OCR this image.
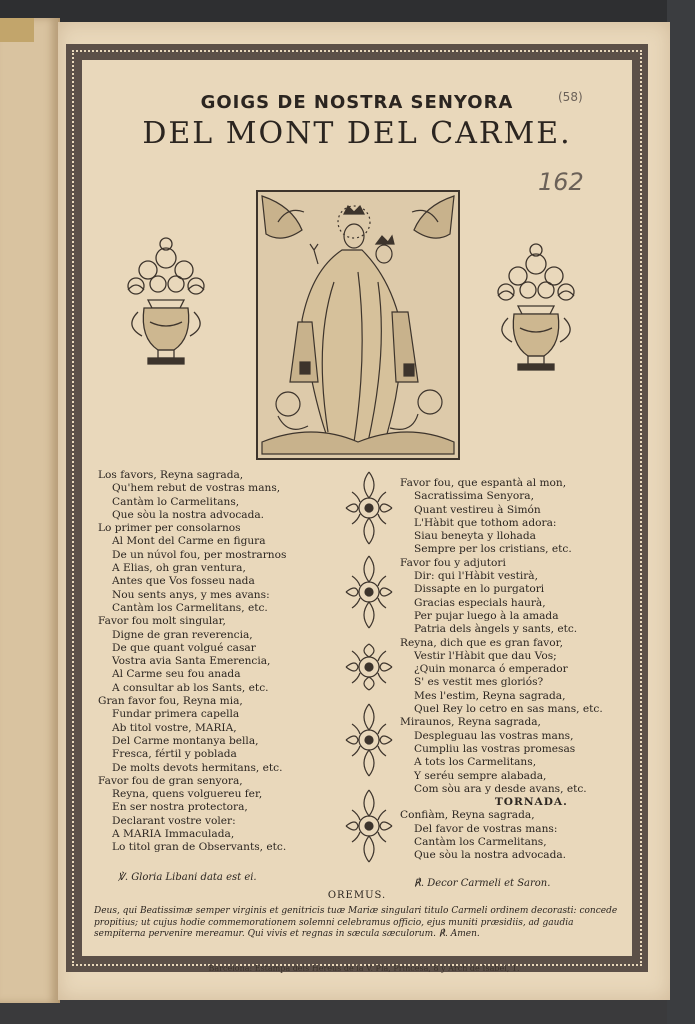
GOIGS DE NOSTRA SENYORA
DEL MONT DEL CARME.
(58)
162
Los favors, Reyna sagrada,
Qu'hem rebut de vostras mans,
Cantàm lo Carmelitans,
Que sòu la nostra advocada.
Lo primer per consolarnos
Al Mont del Carme en figura
De un núvol fou, per mostrarnos
A Elias, oh gran ventura,
Antes que Vos fosseu nada
Nou sents anys, y mes avans:
Cantàm los Carmelitans, etc.
Favor fou molt singular,
Digne de gran reverencia,
De que quant volgué casar
Vostra avia Santa Emerencia,
Al Carme seu fou anada
A consultar ab los Sants, etc.
Gran favor fou, Reyna mia,
Fundar primera capella
Ab titol vostre, MARIA,
Del Carme montanya bella,
Fresca, fértil y poblada
De molts devots hermitans, etc.
Favor fou de gran senyora,
Reyna, quens volguereu fer,
En ser nostra protectora,
Declarant vostre voler:
A MARIA Immaculada,
Lo titol gran de Observants, etc.
Favor fou, que espantà al mon,
Sacratissima Senyora,
Quant vestireu à Simón
L'Hàbit que tothom adora:
Siau beneyta y llohada
Sempre per los cristians, etc.
Favor fou y adjutori
Dir: qui l'Hàbit vestirà,
Dissapte en lo purgatori
Gracias especials haurà,
Per pujar luego à la amada
Patria dels àngels y sants, etc.
Reyna, dich que es gran favor,
Vestir l'Hàbit que dau Vos;
¿Quin monarca ó emperador
S' es vestit mes gloriós?
Mes l'estim, Reyna sagrada,
Quel Rey lo cetro en sas mans, etc.
Miraunos, Reyna sagrada,
Despleguau las vostras mans,
Cumpliu las vostras promesas
A tots los Carmelitans,
Y seréu sempre alabada,
Com sòu ara y desde avans, etc.
TORNADA.
Confiàm, Reyna sagrada,
Del favor de vostras mans:
Cantàm los Carmelitans,
Que sòu la nostra advocada.
℣. Gloria Libani data est ei.
℟. Decor Carmeli et Saron.
OREMUS.
Deus, qui Beatissimæ semper virginis et genitricis tuæ Mariæ singulari titulo Carmeli ordinem decorasti: concede propitius; ut cujus hodie commemorationem solemni celebramus officio, ejus muniti præsidiis, ad gaudia sempiterna pervenire mereamur. Qui vivis et regnas in sæcula sæculorum. ℟. Amen.
Barcelona: Estampa dels Hereus de la V. Pla, Princesa, 8 y Arch de Isabel, 1.
